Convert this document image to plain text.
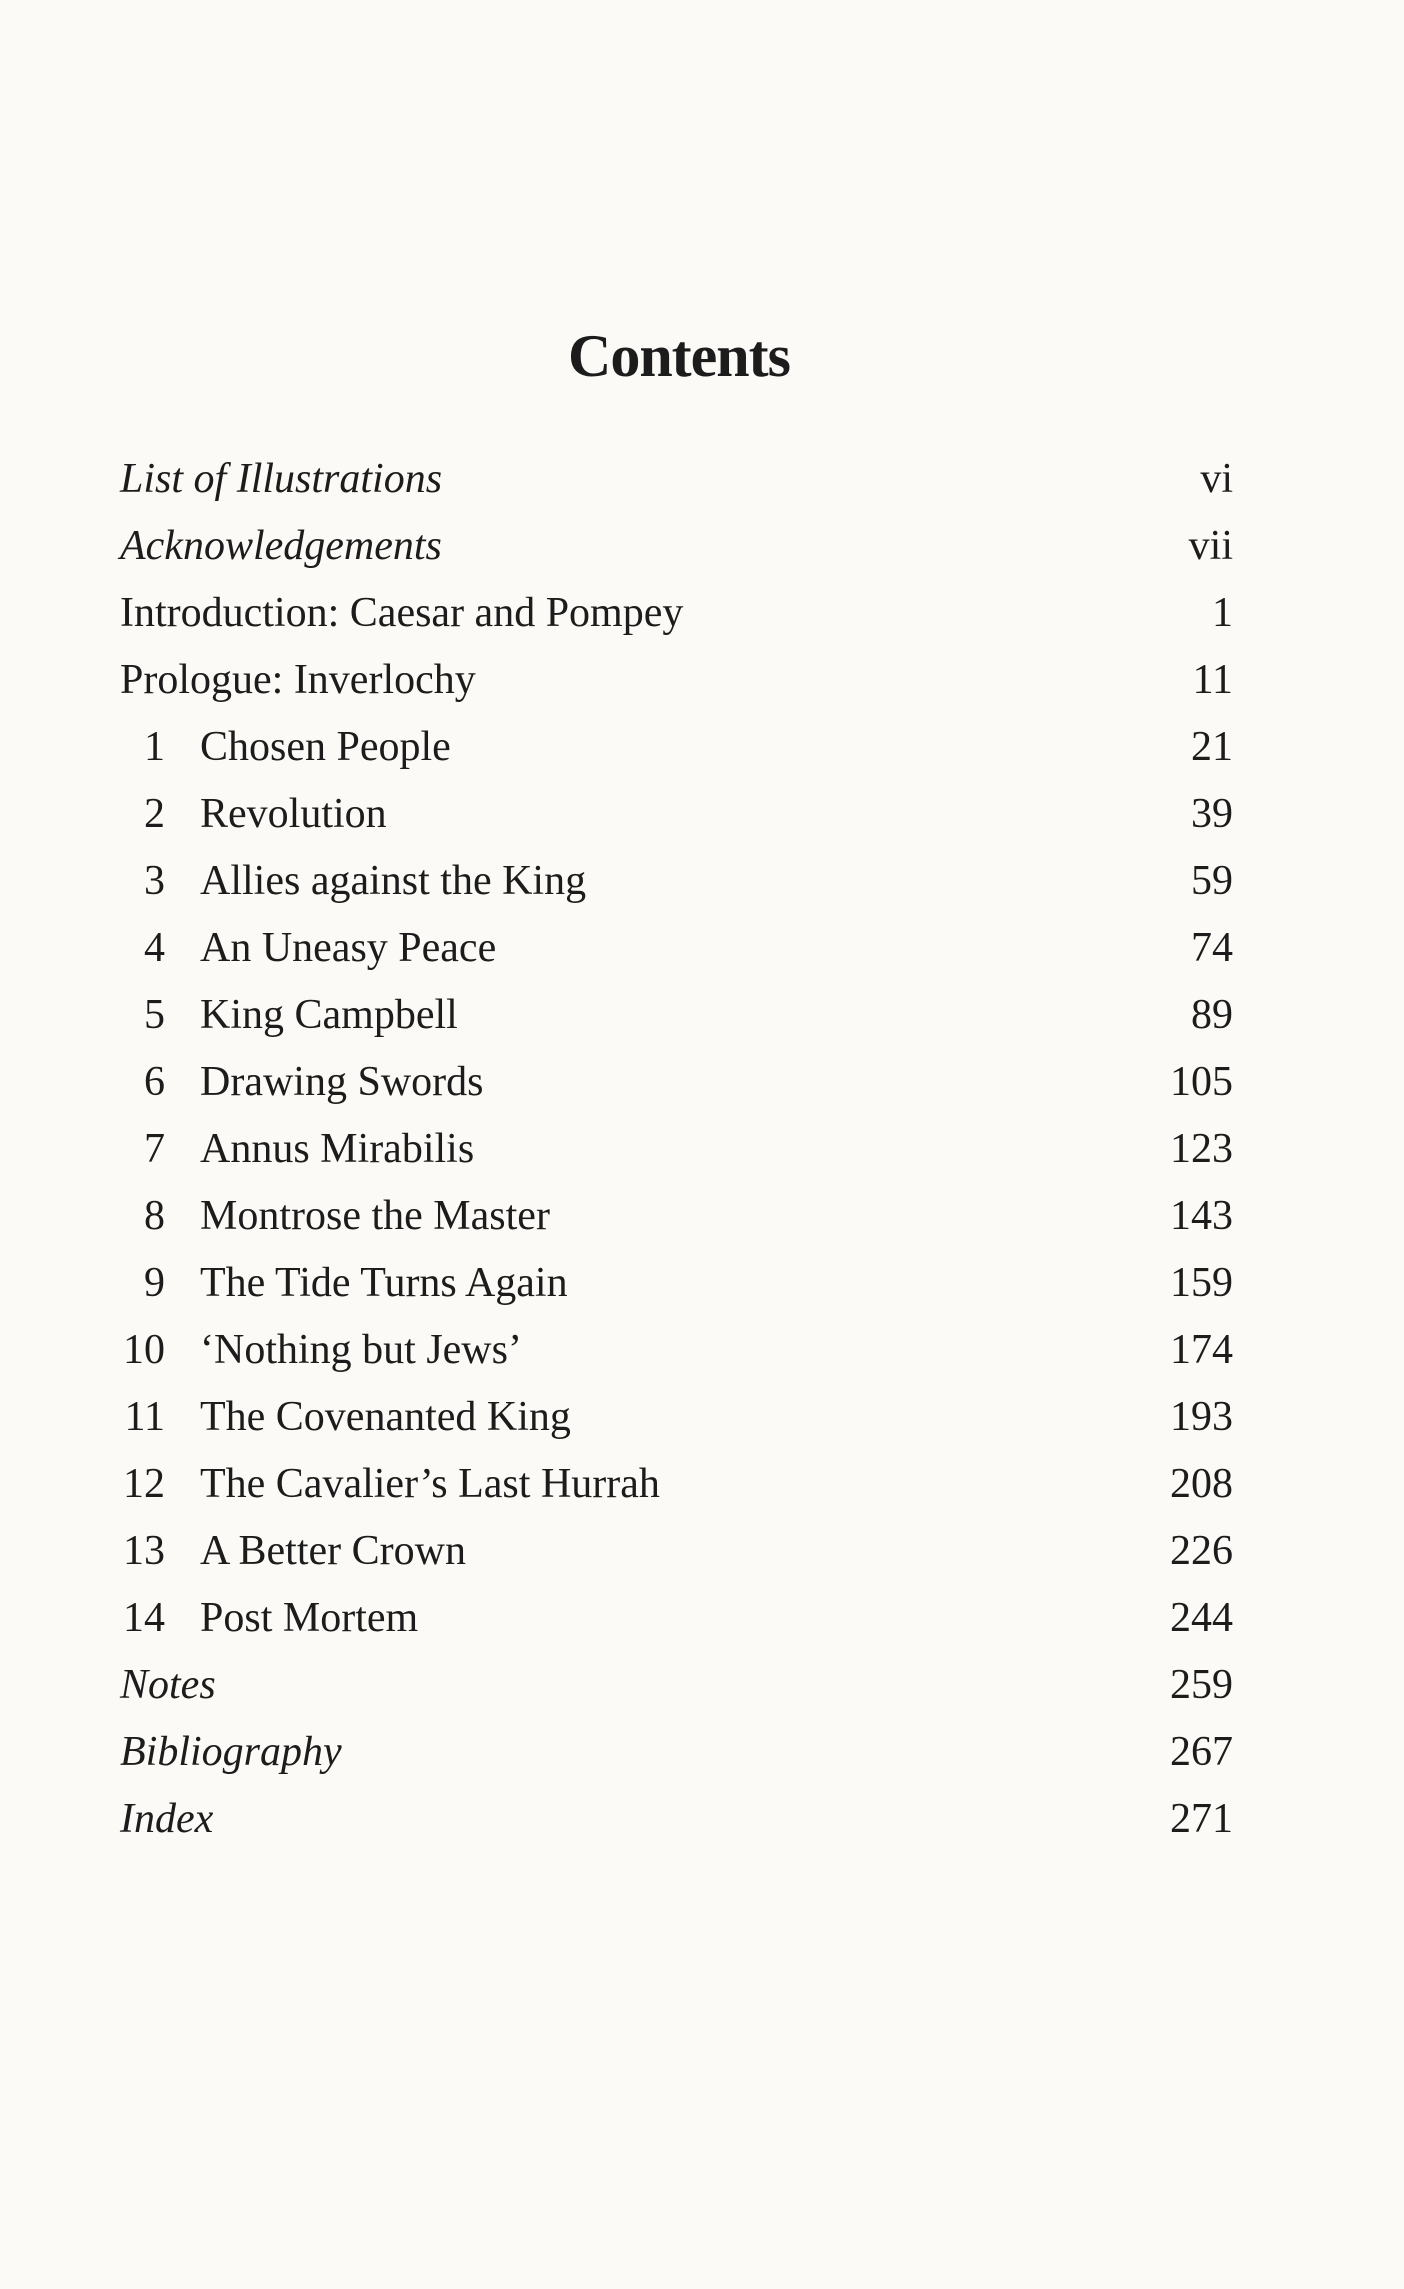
Contents
List of Illustrations	vi
Acknowledgements	vii
Introduction: Caesar and Pompey	1
Prologue: Inverlochy	11
1 Chosen People	21
2 Revolution	39
3 Allies against the King	59
4 An Uneasy Peace	74
5 King Campbell	89
6 Drawing Swords	105
7 Annus Mirabilis	123
8 Montrose the Master	143
9 The Tide Turns Again	159
10 ‘Nothing but Jews’	174
11 The Covenanted King	193
12 The Cavalier’s Last Hurrah	208
13 A Better Crown	226
14 Post Mortem	244
Notes	259
Bibliography	267
Index	271
